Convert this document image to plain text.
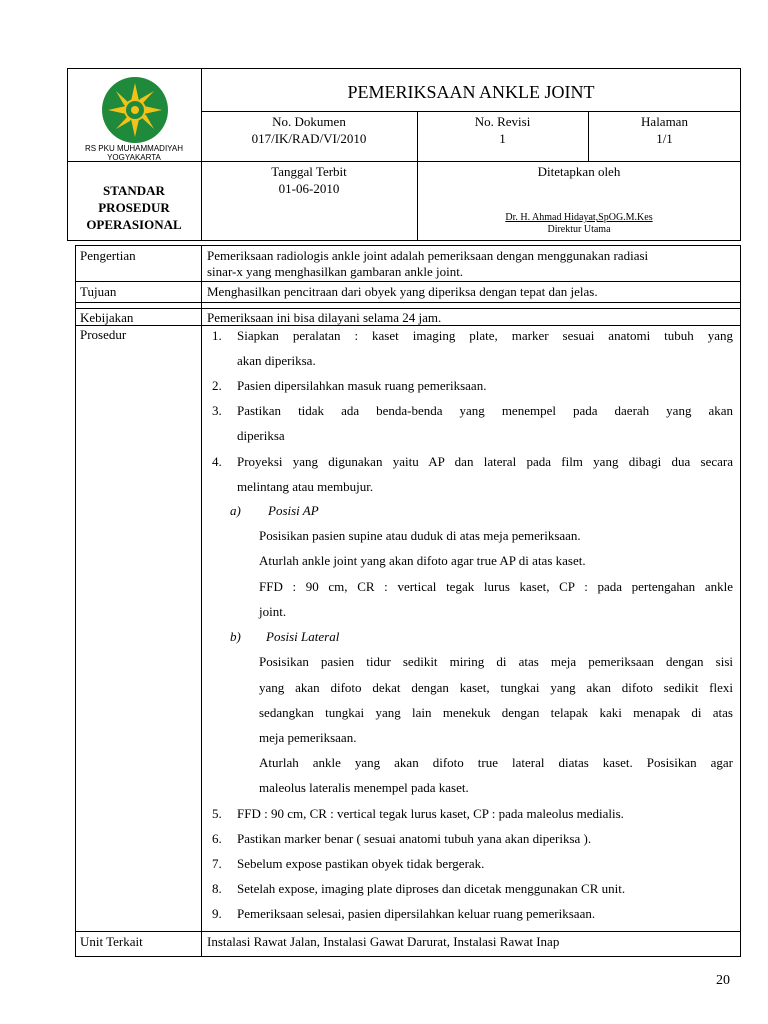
RS PKU MUHAMMADIYAH
YOGYAKARTA
PEMERIKSAAN ANKLE JOINT
No. Dokumen
017/IK/RAD/VI/2010
No. Revisi
1
Halaman
1/1
STANDAR
PROSEDUR
OPERASIONAL
Tanggal Terbit
01-06-2010
Ditetapkan oleh
Dr. H. Ahmad Hidayat,SpOG.M.Kes
Direktur Utama
Pengertian	Pemeriksaan radiologis ankle joint adalah pemeriksaan dengan menggunakan radiasi
sinar-x yang menghasilkan gambaran ankle joint.
Tujuan	Menghasilkan pencitraan dari obyek yang diperiksa dengan tepat dan jelas.
Kebijakan	Pemeriksaan ini bisa dilayani selama 24 jam.
Prosedur	1. Siapkan peralatan : kaset imaging plate, marker sesuai anatomi tubuh yang
akan diperiksa.
2. Pasien dipersilahkan masuk ruang pemeriksaan.
3. Pastikan tidak ada benda-benda yang menempel pada daerah yang akan
diperiksa
4. Proyeksi yang digunakan yaitu AP dan lateral pada film yang dibagi dua secara
melintang atau membujur.
a) Posisi AP
Posisikan pasien supine atau duduk di atas meja pemeriksaan.
Aturlah ankle joint yang akan difoto agar true AP di atas kaset.
FFD : 90 cm, CR : vertical tegak lurus kaset, CP : pada pertengahan ankle
joint.
b) Posisi Lateral
Posisikan pasien tidur sedikit miring di atas meja pemeriksaan dengan sisi
yang akan difoto dekat dengan kaset, tungkai yang akan difoto sedikit flexi
sedangkan tungkai yang lain menekuk dengan telapak kaki menapak di atas
meja pemeriksaan.
Aturlah ankle yang akan difoto true lateral diatas kaset. Posisikan agar
maleolus lateralis menempel pada kaset.
5. FFD : 90 cm, CR : vertical tegak lurus kaset, CP : pada maleolus medialis.
6. Pastikan marker benar ( sesuai anatomi tubuh yana akan diperiksa ).
7. Sebelum expose pastikan obyek tidak bergerak.
8. Setelah expose, imaging plate diproses dan dicetak menggunakan CR unit.
9. Pemeriksaan selesai, pasien dipersilahkan keluar ruang pemeriksaan.
Unit Terkait	Instalasi Rawat Jalan, Instalasi Gawat Darurat, Instalasi Rawat Inap
20
